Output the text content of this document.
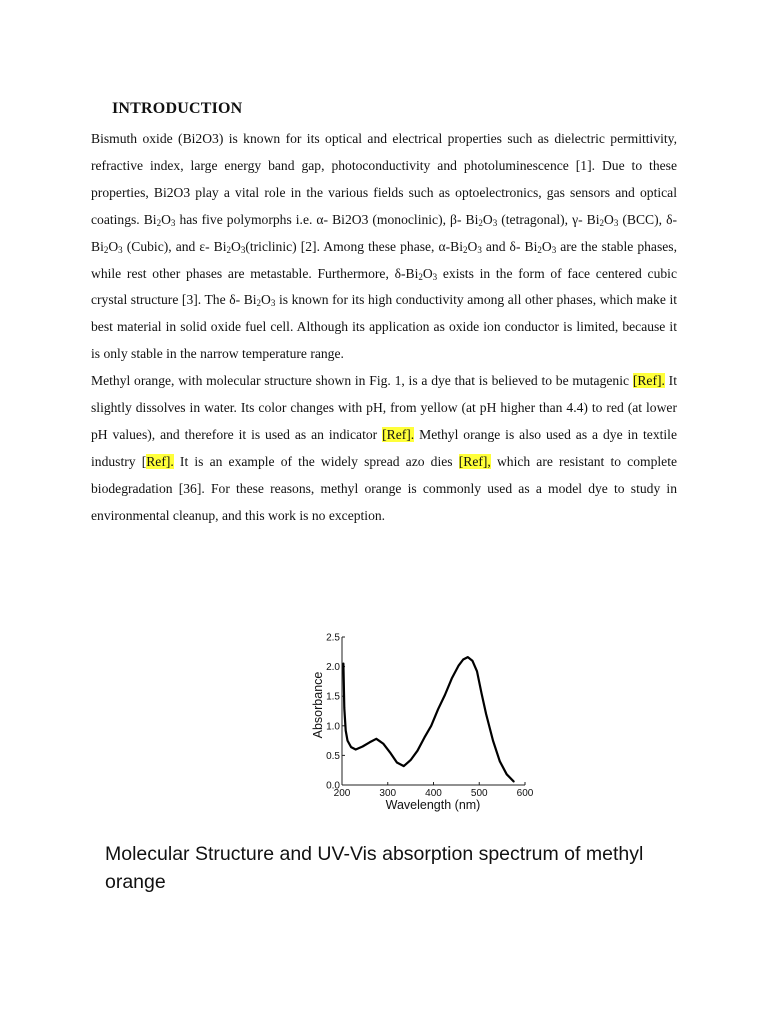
INTRODUCTION

Bismuth oxide (Bi2O3) is known for its optical and electrical properties such as dielectric permittivity, refractive index, large energy band gap, photoconductivity and photoluminescence [1]. Due to these properties, Bi2O3 play a vital role in the various fields such as optoelectronics, gas sensors and optical coatings. $Bi_2O_3$ has five polymorphs i.e. α- Bi2O3 (monoclinic), β- $Bi_2O_3$ (tetragonal), γ- $Bi_2O_3$ (BCC), δ- $Bi_2O_3$ (Cubic), and ε- $Bi_2O_3(triclinic)$ [2]. Among these phase, $\alpha-Bi_2O_3$ and δ- $Bi_2O_3$ are the stable phases, while rest other phases are metastable. Furthermore, $\delta-Bi_2O_3$ exists in the form of face centered cubic crystal structure [3]. The δ- $Bi_2O_3$ is known for its high conductivity among all other phases, which make it best material in solid oxide fuel cell. Although its application as oxide ion conductor is limited, because it is only stable in the narrow temperature range.

Methyl orange, with molecular structure shown in Fig. 1, is a dye that is believed to be mutagenic [Ref]. It slightly dissolves in water. Its color changes with pH, from yellow (at pH higher than 4.4) to red (at lower pH values), and therefore it is used as an indicator [Ref]. Methyl orange is also used as a dye in textile industry [Ref]. It is an example of the widely spread azo dies [Ref], which are resistant to complete biodegradation [36]. For these reasons, methyl orange is commonly used as a model dye to study in environmental cleanup, and this work is no exception.

200	300	400	500	600
0.0
0.5
1.0
1.5
2.0
2.5
Absorbance
Wavelength (nm)
Molecular Structure and UV-Vis absorption spectrum of methyl orange
